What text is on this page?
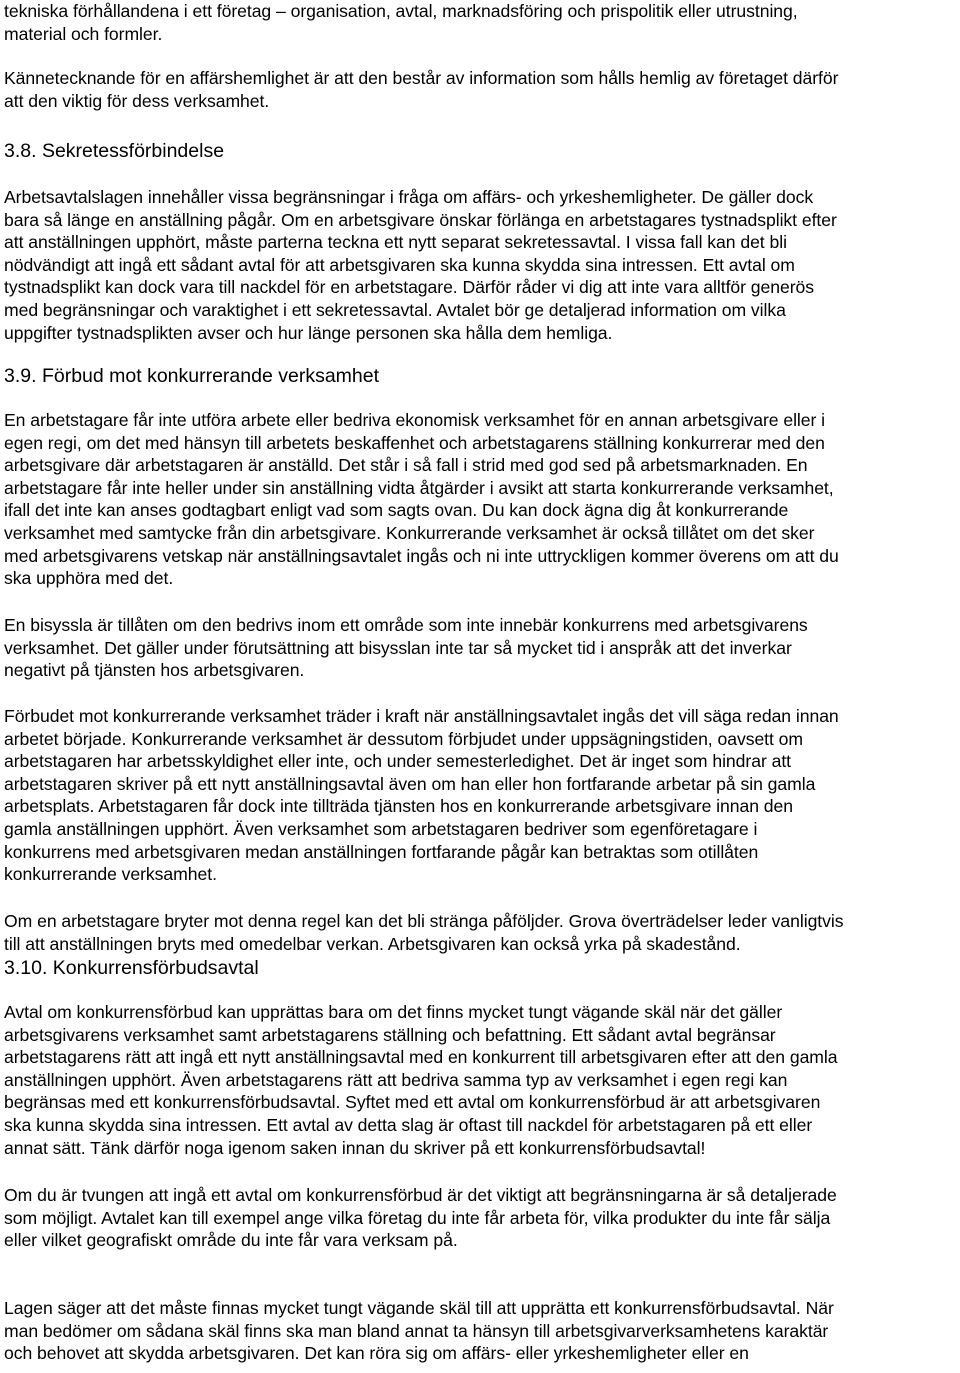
tekniska förhållandena i ett företag – organisation, avtal, marknadsföring och prispolitik eller utrustning,
material och formler.

Kännetecknande för en affärshemlighet är att den består av information som hålls hemlig av företaget därför
att den viktig för dess verksamhet.

3.8. Sekretessförbindelse

Arbetsavtalslagen innehåller vissa begränsningar i fråga om affärs- och yrkeshemligheter. De gäller dock
bara så länge en anställning pågår. Om en arbetsgivare önskar förlänga en arbetstagares tystnadsplikt efter
att anställningen upphört, måste parterna teckna ett nytt separat sekretessavtal. I vissa fall kan det bli
nödvändigt att ingå ett sådant avtal för att arbetsgivaren ska kunna skydda sina intressen. Ett avtal om
tystnadsplikt kan dock vara till nackdel för en arbetstagare. Därför råder vi dig att inte vara alltför generös
med begränsningar och varaktighet i ett sekretessavtal. Avtalet bör ge detaljerad information om vilka
uppgifter tystnadsplikten avser och hur länge personen ska hålla dem hemliga.

3.9. Förbud mot konkurrerande verksamhet

En arbetstagare får inte utföra arbete eller bedriva ekonomisk verksamhet för en annan arbetsgivare eller i
egen regi, om det med hänsyn till arbetets beskaffenhet och arbetstagarens ställning konkurrerar med den
arbetsgivare där arbetstagaren är anställd. Det står i så fall i strid med god sed på arbetsmarknaden. En
arbetstagare får inte heller under sin anställning vidta åtgärder i avsikt att starta konkurrerande verksamhet,
ifall det inte kan anses godtagbart enligt vad som sagts ovan. Du kan dock ägna dig åt konkurrerande
verksamhet med samtycke från din arbetsgivare. Konkurrerande verksamhet är också tillåtet om det sker
med arbetsgivarens vetskap när anställningsavtalet ingås och ni inte uttryckligen kommer överens om att du
ska upphöra med det.

En bisyssla är tillåten om den bedrivs inom ett område som inte innebär konkurrens med arbetsgivarens
verksamhet. Det gäller under förutsättning att bisysslan inte tar så mycket tid i anspråk att det inverkar
negativt på tjänsten hos arbetsgivaren.

Förbudet mot konkurrerande verksamhet träder i kraft när anställningsavtalet ingås det vill säga redan innan
arbetet började. Konkurrerande verksamhet är dessutom förbjudet under uppsägningstiden, oavsett om
arbetstagaren har arbetsskyldighet eller inte, och under semesterledighet. Det är inget som hindrar att
arbetstagaren skriver på ett nytt anställningsavtal även om han eller hon fortfarande arbetar på sin gamla
arbetsplats. Arbetstagaren får dock inte tillträda tjänsten hos en konkurrerande arbetsgivare innan den
gamla anställningen upphört. Även verksamhet som arbetstagaren bedriver som egenföretagare i
konkurrens med arbetsgivaren medan anställningen fortfarande pågår kan betraktas som otillåten
konkurrerande verksamhet.

Om en arbetstagare bryter mot denna regel kan det bli stränga påföljder. Grova överträdelser leder vanligtvis
till att anställningen bryts med omedelbar verkan. Arbetsgivaren kan också yrka på skadestånd.

3.10. Konkurrensförbudsavtal

Avtal om konkurrensförbud kan upprättas bara om det finns mycket tungt vägande skäl när det gäller
arbetsgivarens verksamhet samt arbetstagarens ställning och befattning. Ett sådant avtal begränsar
arbetstagarens rätt att ingå ett nytt anställningsavtal med en konkurrent till arbetsgivaren efter att den gamla
anställningen upphört. Även arbetstagarens rätt att bedriva samma typ av verksamhet i egen regi kan
begränsas med ett konkurrensförbudsavtal. Syftet med ett avtal om konkurrensförbud är att arbetsgivaren
ska kunna skydda sina intressen. Ett avtal av detta slag är oftast till nackdel för arbetstagaren på ett eller
annat sätt. Tänk därför noga igenom saken innan du skriver på ett konkurrensförbudsavtal!

Om du är tvungen att ingå ett avtal om konkurrensförbud är det viktigt att begränsningarna är så detaljerade
som möjligt. Avtalet kan till exempel ange vilka företag du inte får arbeta för, vilka produkter du inte får sälja
eller vilket geografiskt område du inte får vara verksam på.

Lagen säger att det måste finnas mycket tungt vägande skäl till att upprätta ett konkurrensförbudsavtal. När
man bedömer om sådana skäl finns ska man bland annat ta hänsyn till arbetsgivarverksamhetens karaktär
och behovet att skydda arbetsgivaren. Det kan röra sig om affärs- eller yrkeshemligheter eller en
